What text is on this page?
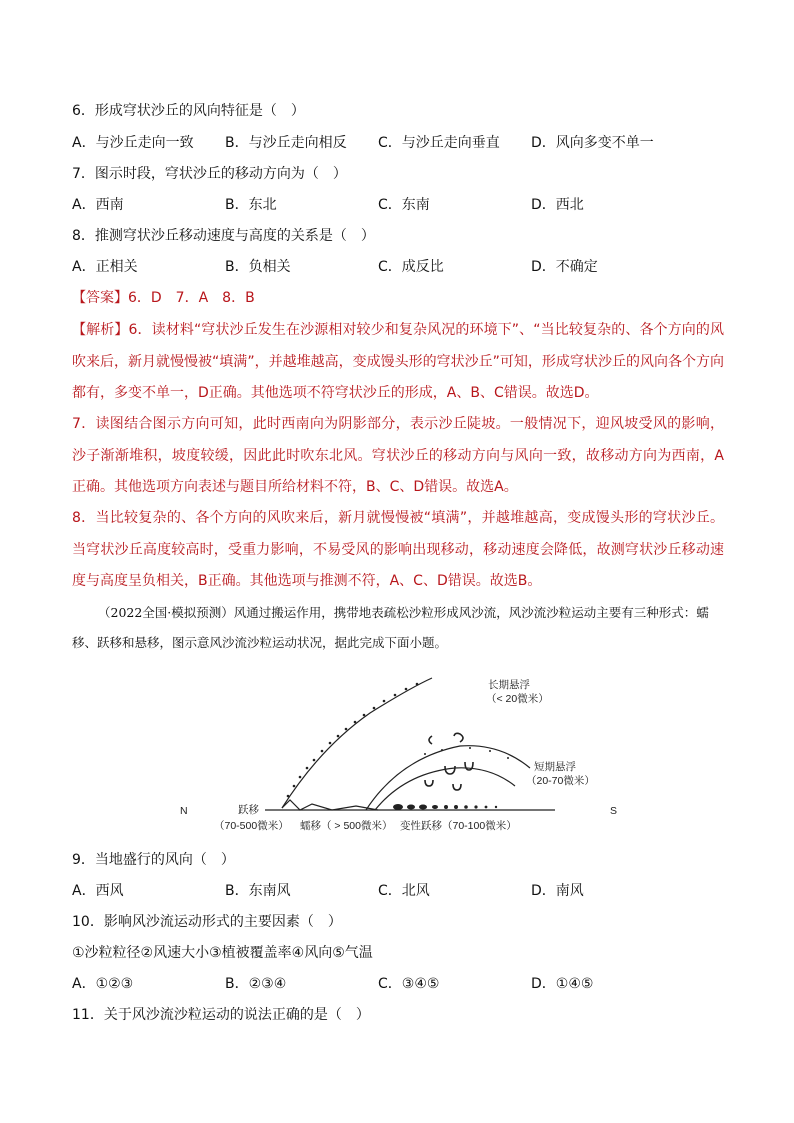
6．形成穹状沙丘的风向特征是（　）
A．与沙丘走向一致 B．与沙丘走向相反 C．与沙丘走向垂直 D．风向多变不单一
7．图示时段，穹状沙丘的移动方向为（　）
A．西南	B．东北	C．东南	D．西北
8．推测穹状沙丘移动速度与高度的关系是（　）
A．正相关	B．负相关	C．成反比	D．不确定
【答案】6．D　7．A　8．B
【解析】6．读材料“穹状沙丘发生在沙源相对较少和复杂风况的环境下”、“当比较复杂的、各个方向的风吹来后，新月就慢慢被“填满”，并越堆越高，变成馒头形的穹状沙丘”可知，形成穹状沙丘的风向各个方向都有，多变不单一，D正确。其他选项不符穹状沙丘的形成，A、B、C错误。故选D。
7．读图结合图示方向可知，此时西南向为阴影部分，表示沙丘陡坡。一般情况下，迎风坡受风的影响，沙子渐渐堆积，坡度较缓，因此此时吹东北风。穹状沙丘的移动方向与风向一致，故移动方向为西南，A正确。其他选项方向表述与题目所给材料不符，B、C、D错误。故选A。
8．当比较复杂的、各个方向的风吹来后，新月就慢慢被“填满”，并越堆越高，变成馒头形的穹状沙丘。当穹状沙丘高度较高时，受重力影响，不易受风的影响出现移动，移动速度会降低，故测穹状沙丘移动速度与高度呈负相关，B正确。其他选项与推测不符，A、C、D错误。故选B。
（2022全国·模拟预测）风通过搬运作用，携带地表疏松沙粒形成风沙流，风沙流沙粒运动主要有三种形式：蠕移、跃移和悬移，图示意风沙流沙粒运动状况，据此完成下面小题。
N	S
长期悬浮
（< 20微米）
短期悬浮
（20-70微米）
跃移
（70-500微米） 蠕移（ > 500微米） 变性跃移（70-100微米）
9．当地盛行的风向（　）
A．西风	B．东南风	C．北风	D．南风
10．影响风沙流运动形式的主要因素（　）
①沙粒粒径②风速大小③植被覆盖率④风向⑤气温
A．①②③	B．②③④	C．③④⑤	D．①④⑤
11．关于风沙流沙粒运动的说法正确的是（　）
